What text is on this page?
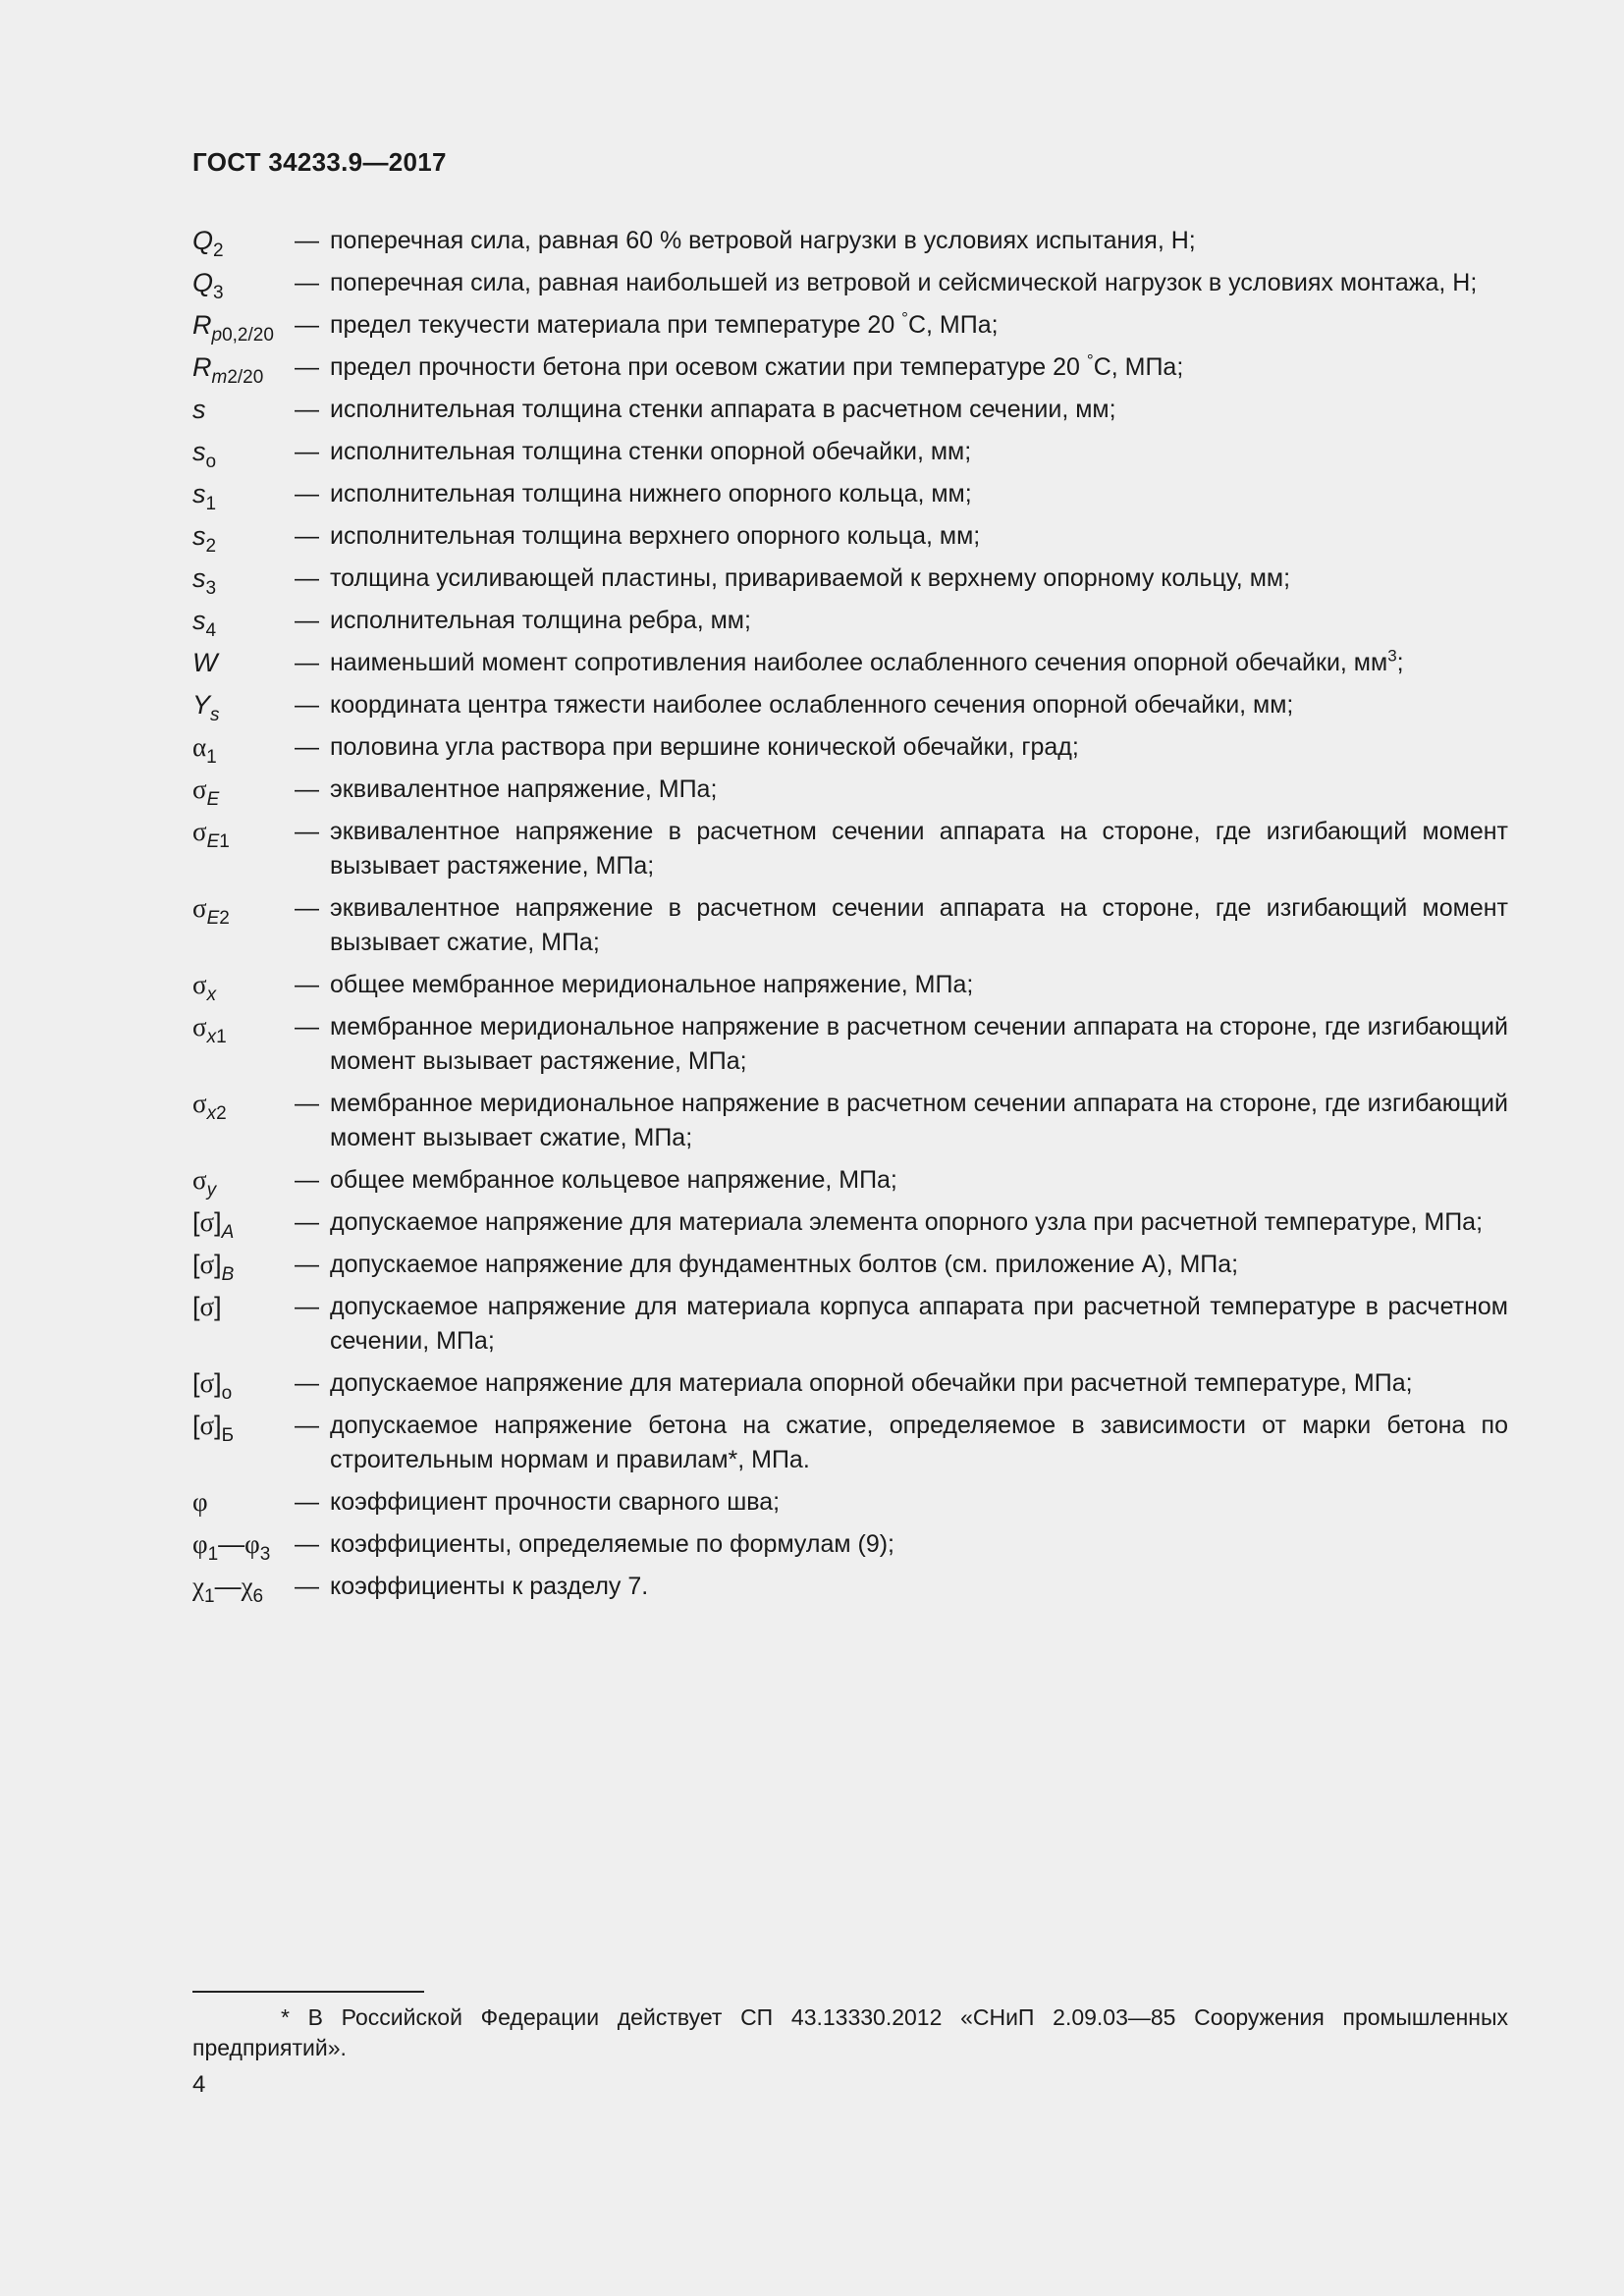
ГОСТ 34233.9—2017
$Q_2$	— поперечная сила, равная 60 % ветровой нагрузки в условиях испытания, Н;
$Q_3$	— поперечная сила, равная наибольшей из ветровой и сейсмической нагрузок в условиях монтажа, Н;
$R_{p0,2/20}$ — предел текучести материала при температуре 20 °С, МПа;
$R_{m2/20}$	— предел прочности бетона при осевом сжатии при температуре 20 °С, МПа;
s	— исполнительная толщина стенки аппарата в расчетном сечении, мм;
$s_о$	— исполнительная толщина стенки опорной обечайки, мм;
$s_1$	— исполнительная толщина нижнего опорного кольца, мм;
$s_2$	— исполнительная толщина верхнего опорного кольца, мм;
$s_3$	— толщина усиливающей пластины, привариваемой к верхнему опорному кольцу, мм;
$s_4$	— исполнительная толщина ребра, мм;
W	— наименьший момент сопротивления наиболее ослабленного сечения опорной обечайки, $мм^3$;
$Y_s$	— координата центра тяжести наиболее ослабленного сечения опорной обечайки, мм;
$\alpha_1$	— половина угла раствора при вершине конической обечайки, град;
$\sigma_E$	— эквивалентное напряжение, МПа;
$\sigma_{E1}$	— эквивалентное напряжение в расчетном сечении аппарата на стороне, где изгибающий момент вызывает растяжение, МПа;
$\sigma_{E2}$	— эквивалентное напряжение в расчетном сечении аппарата на стороне, где изгибающий момент вызывает сжатие, МПа;
$\sigma_x$	— общее мембранное меридиональное напряжение, МПа;
$\sigma_{x1}$	— мембранное меридиональное напряжение в расчетном сечении аппарата на стороне, где изгибающий момент вызывает растяжение, МПа;
$\sigma_{x2}$	— мембранное меридиональное напряжение в расчетном сечении аппарата на стороне, где изгибающий момент вызывает сжатие, МПа;
$\sigma_y$	— общее мембранное кольцевое напряжение, МПа;
$[\sigma]_A$	— допускаемое напряжение для материала элемента опорного узла при расчетной температуре, МПа;
$[\sigma]_B$	— допускаемое напряжение для фундаментных болтов (см. приложение А), МПа;
[σ]	— допускаемое напряжение для материала корпуса аппарата при расчетной температуре в расчетном сечении, МПа;
$[\sigma]_о$	— допускаемое напряжение для материала опорной обечайки при расчетной температуре, МПа;
$[\sigma]_Б$	— допускаемое напряжение бетона на сжатие, определяемое в зависимости от марки бетона по строительным нормам и правилам*, МПа.
φ	— коэффициент прочности сварного шва;
$\varphi_1—\varphi_3$ — коэффициенты, определяемые по формулам (9);
$\chi_1—\chi_6$	— коэффициенты к разделу 7.
* В Российской Федерации действует СП 43.13330.2012 «СНиП 2.09.03—85 Сооружения промышленных предприятий».
4
